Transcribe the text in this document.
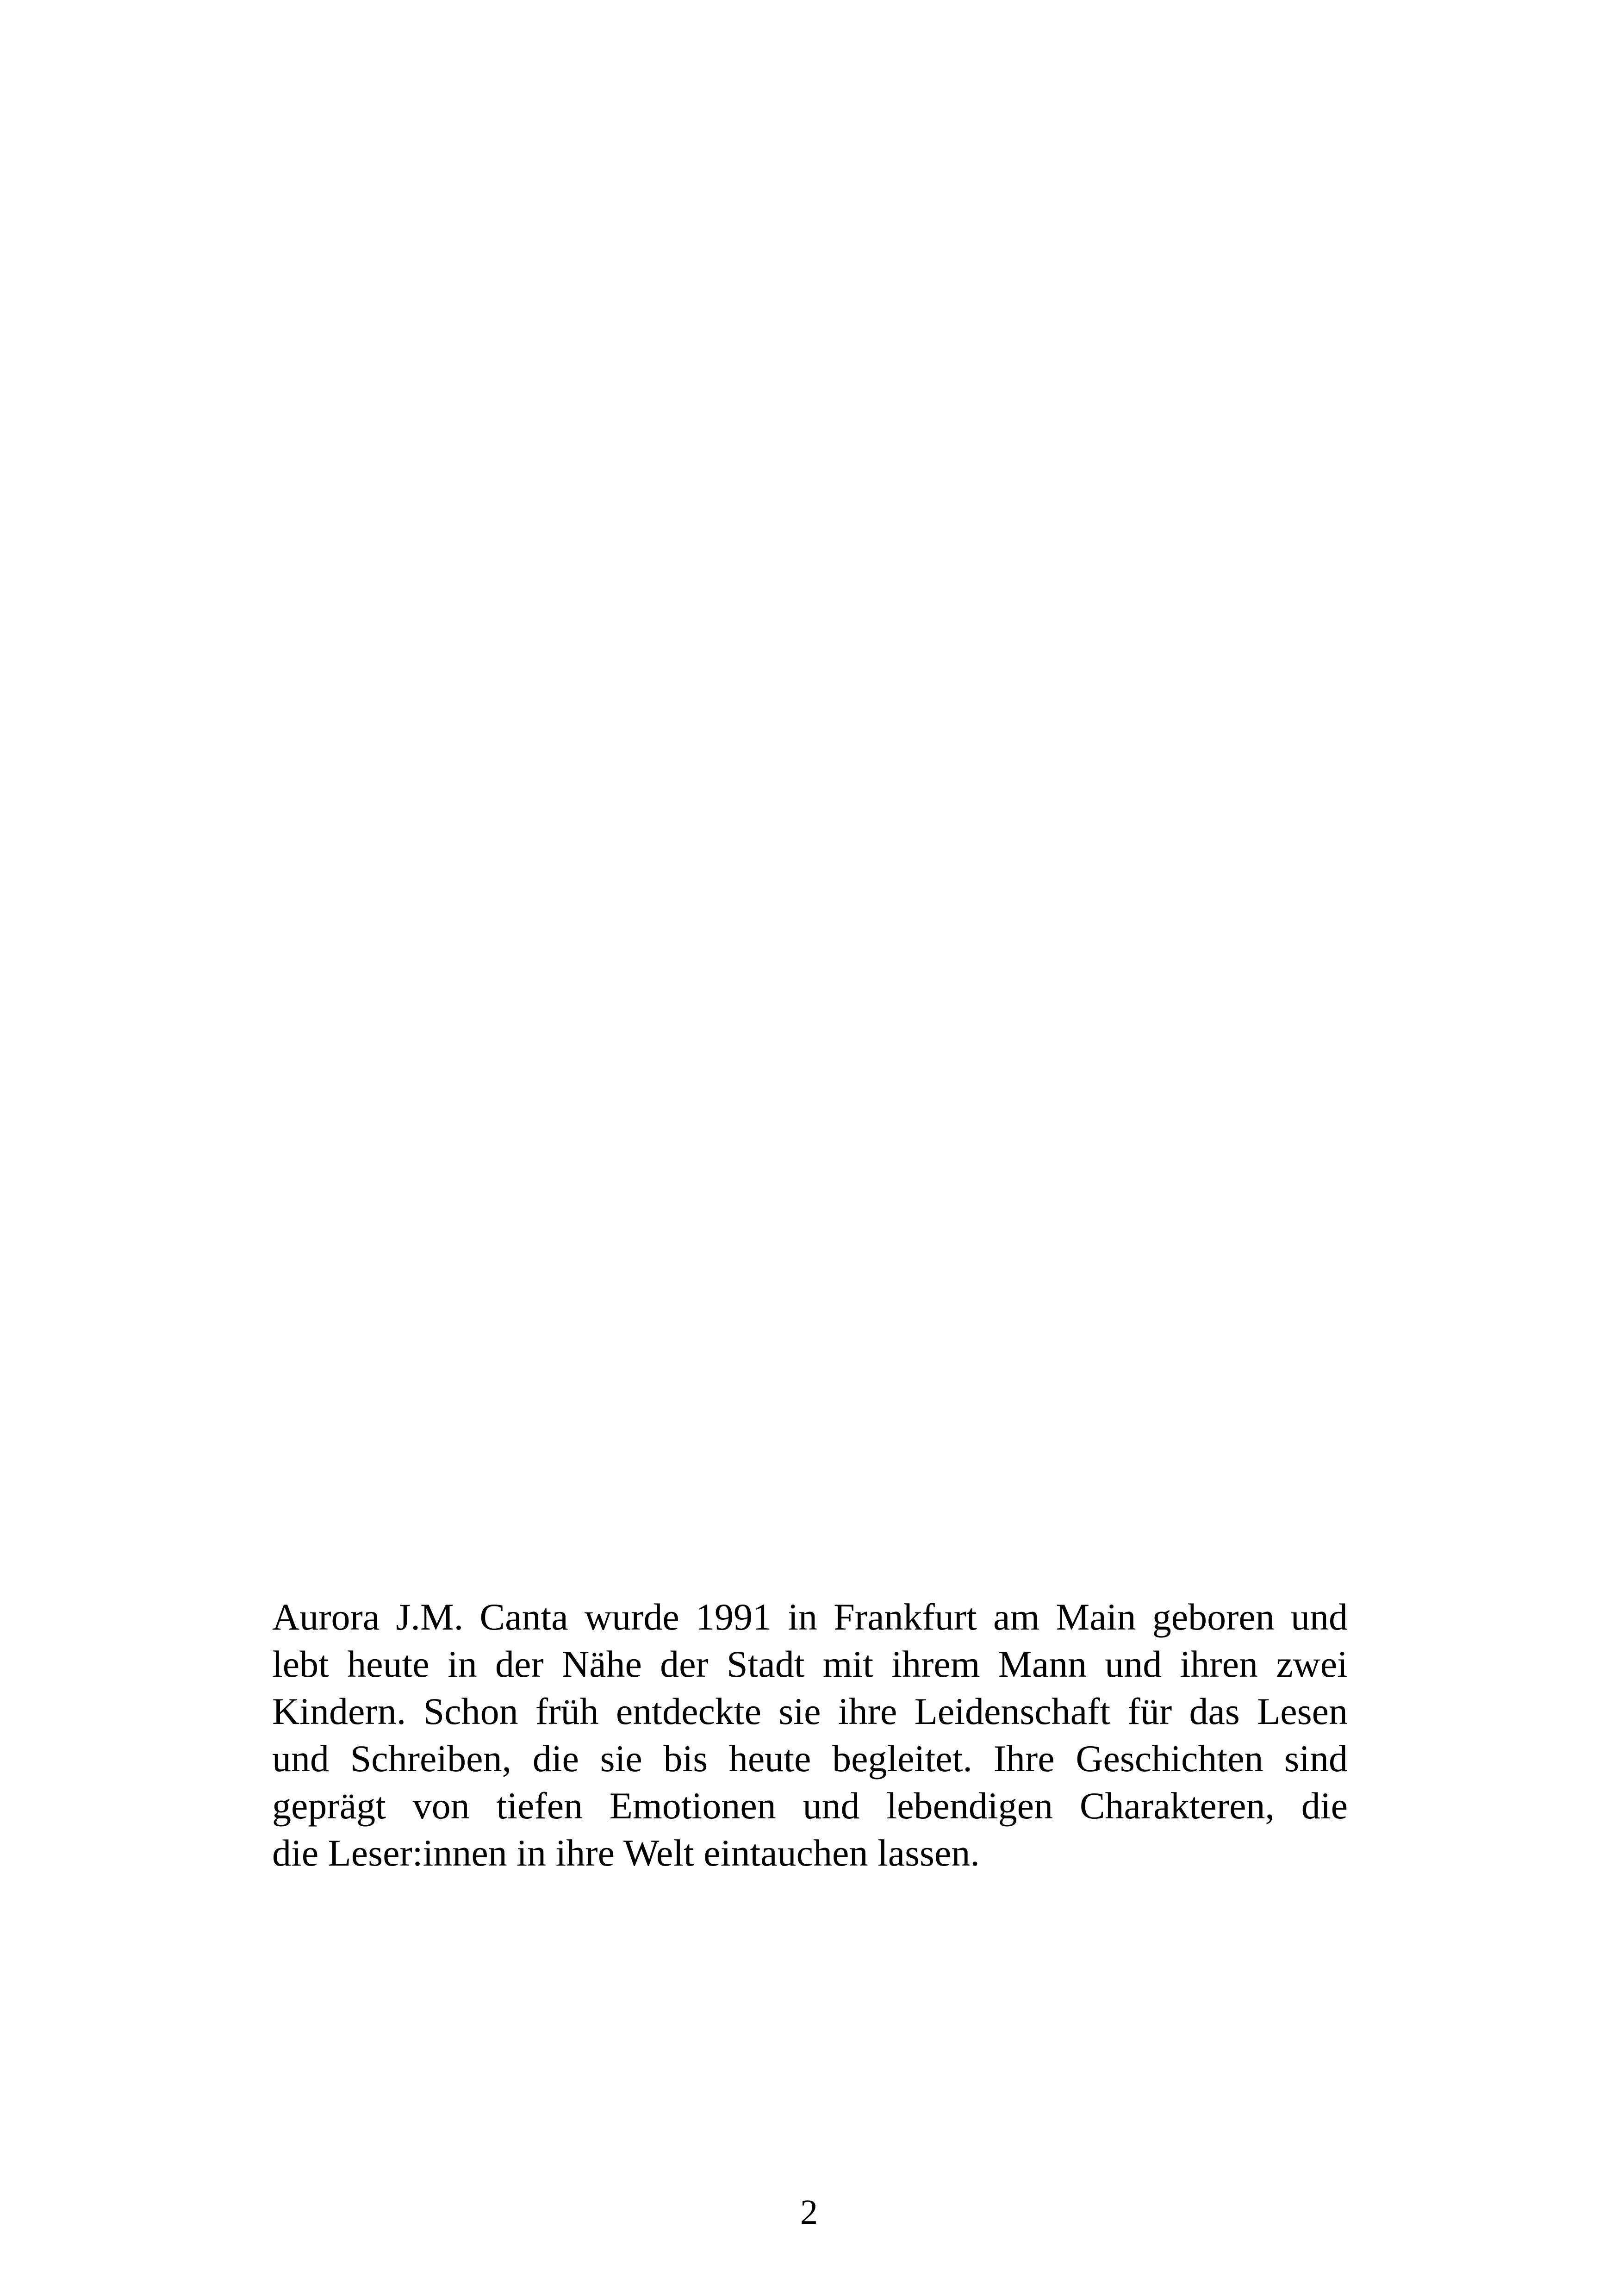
Aurora J.M. Canta wurde 1991 in Frankfurt am Main geboren und
lebt heute in der Nähe der Stadt mit ihrem Mann und ihren zwei
Kindern. Schon früh entdeckte sie ihre Leidenschaft für das Lesen
und Schreiben, die sie bis heute begleitet. Ihre Geschichten sind
geprägt von tiefen Emotionen und lebendigen Charakteren, die
die Leser:innen in ihre Welt eintauchen lassen.

2
